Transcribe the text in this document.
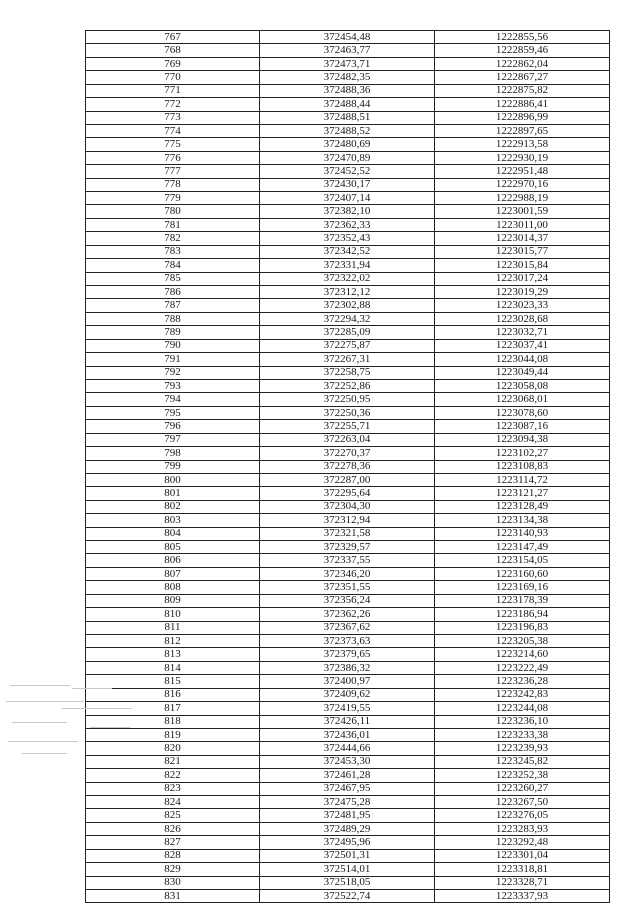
767	372454,48	1222855,56
768	372463,77	1222859,46
769	372473,71	1222862,04
770	372482,35	1222867,27
771	372488,36	1222875,82
772	372488,44	1222886,41
773	372488,51	1222896,99
774	372488,52	1222897,65
775	372480,69	1222913,58
776	372470,89	1222930,19
777	372452,52	1222951,48
778	372430,17	1222970,16
779	372407,14	1222988,19
780	372382,10	1223001,59
781	372362,33	1223011,00
782	372352,43	1223014,37
783	372342,52	1223015,77
784	372331,94	1223015,84
785	372322,02	1223017,24
786	372312,12	1223019,29
787	372302,88	1223023,33
788	372294,32	1223028,68
789	372285,09	1223032,71
790	372275,87	1223037,41
791	372267,31	1223044,08
792	372258,75	1223049,44
793	372252,86	1223058,08
794	372250,95	1223068,01
795	372250,36	1223078,60
796	372255,71	1223087,16
797	372263,04	1223094,38
798	372270,37	1223102,27
799	372278,36	1223108,83
800	372287,00	1223114,72
801	372295,64	1223121,27
802	372304,30	1223128,49
803	372312,94	1223134,38
804	372321,58	1223140,93
805	372329,57	1223147,49
806	372337,55	1223154,05
807	372346,20	1223160,60
808	372351,55	1223169,16
809	372356,24	1223178,39
810	372362,26	1223186,94
811	372367,62	1223196,83
812	372373,63	1223205,38
813	372379,65	1223214,60
814	372386,32	1223222,49
815	372400,97	1223236,28
816	372409,62	1223242,83
817	372419,55	1223244,08
818	372426,11	1223236,10
819	372436,01	1223233,38
820	372444,66	1223239,93
821	372453,30	1223245,82
822	372461,28	1223252,38
823	372467,95	1223260,27
824	372475,28	1223267,50
825	372481,95	1223276,05
826	372489,29	1223283,93
827	372495,96	1223292,48
828	372501,31	1223301,04
829	372514,01	1223318,81
830	372518,05	1223328,71
831	372522,74	1223337,93
